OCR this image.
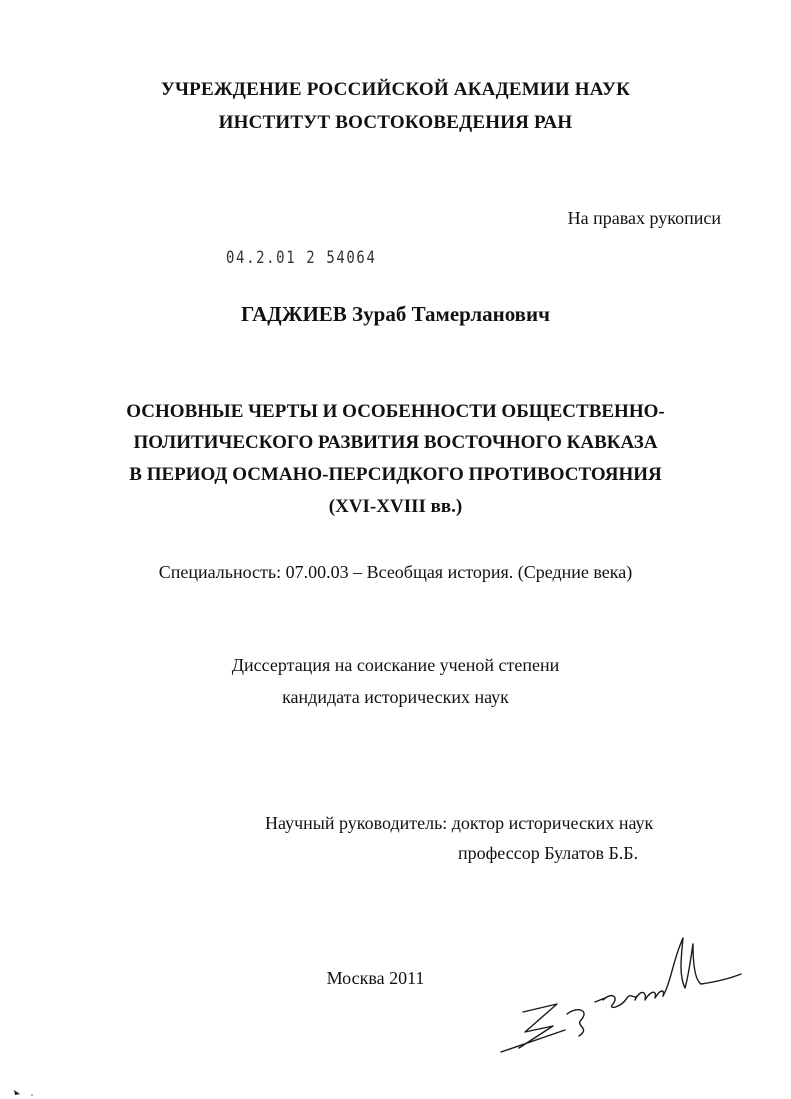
УЧРЕЖДЕНИЕ РОССИЙСКОЙ АКАДЕМИИ НАУК
ИНСТИТУТ ВОСТОКОВЕДЕНИЯ РАН
На правах рукописи
04.2.01 2 54064
ГАДЖИЕВ Зураб Тамерланович
ОСНОВНЫЕ ЧЕРТЫ И ОСОБЕННОСТИ ОБЩЕСТВЕННО-
ПОЛИТИЧЕСКОГО РАЗВИТИЯ ВОСТОЧНОГО КАВКАЗА
В ПЕРИОД ОСМАНО-ПЕРСИДКОГО ПРОТИВОСТОЯНИЯ
(XVI-XVIII вв.)
Специальность: 07.00.03 – Всеобщая история. (Средние века)
Диссертация на соискание ученой степени
кандидата исторических наук
Научный руководитель: доктор исторических наук
профессор Булатов Б.Б.
Москва 2011
